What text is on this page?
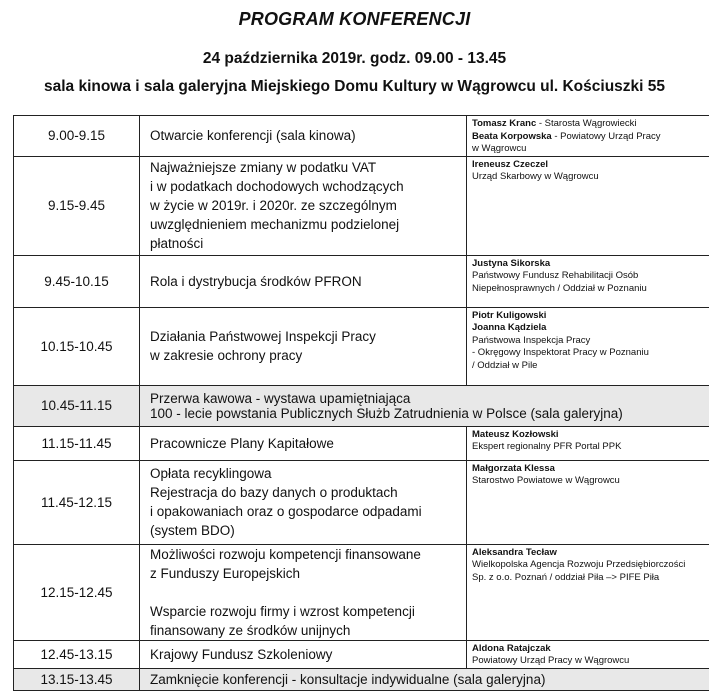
PROGRAM KONFERENCJI
24 października 2019r. godz. 09.00 - 13.45
sala kinowa i sala galeryjna Miejskiego Domu Kultury w Wągrowcu ul. Kościuszki 55
9.00-9.15	Otwarcie konferencji (sala kinowa)	Tomasz Kranc - Starosta Wągrowiecki
Beata Korpowska - Powiatowy Urząd Pracy
w Wągrowcu

9.15-9.45	Najważniejsze zmiany w podatku VAT
i w podatkach dochodowych wchodzących
w życie w 2019r. i 2020r. ze szczególnym
uwzględnieniem mechanizmu podzielonej
płatności	Ireneusz Czeczel
Urząd Skarbowy w Wągrowcu

9.45-10.15	Rola i dystrybucja środków PFRON	Justyna Sikorska
Państwowy Fundusz Rehabilitacji Osób
Niepełnosprawnych / Oddział w Poznaniu

10.15-10.45	Działania Państwowej Inspekcji Pracy
w zakresie ochrony pracy	Piotr Kuligowski
Joanna Kądziela
Państwowa Inspekcja Pracy
- Okręgowy Inspektorat Pracy w Poznaniu
/ Oddział w Pile

10.45-11.15	Przerwa kawowa - wystawa upamiętniająca
100 - lecie powstania Publicznych Służb Zatrudnienia w Polsce (sala galeryjna)	

11.15-11.45	Pracownicze Plany Kapitałowe	Mateusz Kozłowski
Ekspert regionalny PFR Portal PPK

11.45-12.15	Opłata recyklingowa
Rejestracja do bazy danych o produktach
i opakowaniach oraz o gospodarce odpadami
(system BDO)	Małgorzata Klessa
Starostwo Powiatowe w Wągrowcu

12.15-12.45	Możliwości rozwoju kompetencji finansowane
z Funduszy Europejskich
Wsparcie rozwoju firmy i wzrost kompetencji
finansowany ze środków unijnych	Aleksandra Tecław
Wielkopolska Agencja Rozwoju Przedsiębiorczości
Sp. z o.o. Poznań / oddział Piła –> PIFE Piła

12.45-13.15	Krajowy Fundusz Szkoleniowy	Aldona Ratajczak
Powiatowy Urząd Pracy w Wągrowcu

13.15-13.45	Zamknięcie konferencji - konsultacje indywidualne (sala galeryjna)	
